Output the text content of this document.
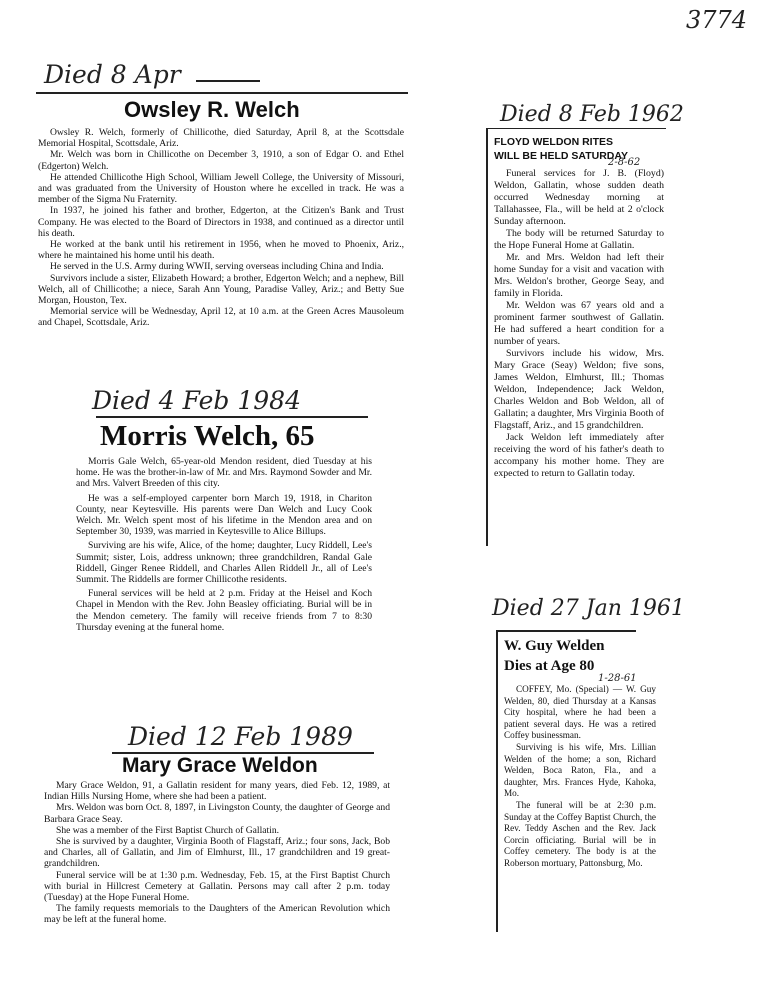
3774
Died 8 Apr
Owsley R. Welch

Owsley R. Welch, formerly of Chillicothe, died Saturday, April 8, at the Scottsdale Memorial Hospital, Scottsdale, Ariz.

Mr. Welch was born in Chillicothe on December 3, 1910, a son of Edgar O. and Ethel (Edgerton) Welch.

He attended Chillicothe High School, William Jewell College, the University of Missouri, and was graduated from the University of Houston where he excelled in track. He was a member of the Sigma Nu Fraternity.

In 1937, he joined his father and brother, Edgerton, at the Citizen's Bank and Trust Company. He was elected to the Board of Directors in 1938, and continued as a director until his death.

He worked at the bank until his retirement in 1956, when he moved to Phoenix, Ariz., where he maintained his home until his death.

He served in the U.S. Army during WWII, serving overseas including China and India.

Survivors include a sister, Elizabeth Howard; a brother, Edgerton Welch; and a nephew, Bill Welch, all of Chillicothe; a niece, Sarah Ann Young, Paradise Valley, Ariz.; and Betty Sue Morgan, Houston, Tex.

Memorial service will be Wednesday, April 12, at 10 a.m. at the Green Acres Mausoleum and Chapel, Scottsdale, Ariz.

Died 4 Feb 1984
Morris Welch, 65

Morris Gale Welch, 65-year-old Mendon resident, died Tuesday at his home. He was the brother-in-law of Mr. and Mrs. Raymond Sowder and Mr. and Mrs. Valvert Breeden of this city.

He was a self-employed carpenter born March 19, 1918, in Chariton County, near Keytesville. His parents were Dan Welch and Lucy Cook Welch. Mr. Welch spent most of his lifetime in the Mendon area and on September 30, 1939, was married in Keytesville to Alice Billups.

Surviving are his wife, Alice, of the home; daughter, Lucy Riddell, Lee's Summit; sister, Lois, address unknown; three grandchildren, Randal Gale Riddell, Ginger Renee Riddell, and Charles Allen Riddell Jr., all of Lee's Summit. The Riddells are former Chillicothe residents.

Funeral services will be held at 2 p.m. Friday at the Heisel and Koch Chapel in Mendon with the Rev. John Beasley officiating. Burial will be in the Mendon cemetery. The family will receive friends from 7 to 8:30 Thursday evening at the funeral home.

Died 12 Feb 1989
Mary Grace Weldon

Mary Grace Weldon, 91, a Gallatin resident for many years, died Feb. 12, 1989, at Indian Hills Nursing Home, where she had been a patient.

Mrs. Weldon was born Oct. 8, 1897, in Livingston County, the daughter of George and Barbara Grace Seay.

She was a member of the First Baptist Church of Gallatin.

She is survived by a daughter, Virginia Booth of Flagstaff, Ariz.; four sons, Jack, Bob and Charles, all of Gallatin, and Jim of Elmhurst, Ill., 17 grandchildren and 19 great-grandchildren.

Funeral service will be at 1:30 p.m. Wednesday, Feb. 15, at the First Baptist Church with burial in Hillcrest Cemetery at Gallatin. Persons may call after 2 p.m. today (Tuesday) at the Hope Funeral Home.

The family requests memorials to the Daughters of the American Revolution which may be left at the funeral home.

Died 8 Feb 1962
FLOYD WELDON RITES
WILL BE HELD SATURDAY
2-8-62

Funeral services for J. B. (Floyd) Weldon, Gallatin, whose sudden death occurred Wednesday morning at Tallahassee, Fla., will be held at 2 o'clock Sunday afternoon.

The body will be returned Saturday to the Hope Funeral Home at Gallatin.

Mr. and Mrs. Weldon had left their home Sunday for a visit and vacation with Mrs. Weldon's brother, George Seay, and family in Florida.

Mr. Weldon was 67 years old and a prominent farmer southwest of Gallatin. He had suffered a heart condition for a number of years.

Survivors include his widow, Mrs. Mary Grace (Seay) Weldon; five sons, James Weldon, Elmhurst, Ill.; Thomas Weldon, Independence; Jack Weldon, Charles Weldon and Bob Weldon, all of Gallatin; a daughter, Mrs Virginia Booth of Flagstaff, Ariz., and 15 grandchildren.

Jack Weldon left immediately after receiving the word of his father's death to accompany his mother home. They are expected to return to Gallatin today.

Died 27 Jan 1961
W. Guy Welden
Dies at Age 80
1-28-61

COFFEY, Mo. (Special) — W. Guy Welden, 80, died Thursday at a Kansas City hospital, where he had been a patient several days. He was a retired Coffey businessman.

Surviving is his wife, Mrs. Lillian Welden of the home; a son, Richard Welden, Boca Raton, Fla., and a daughter, Mrs. Frances Hyde, Kahoka, Mo.

The funeral will be at 2:30 p.m. Sunday at the Coffey Baptist Church, the Rev. Teddy Aschen and the Rev. Jack Corcin officiating. Burial will be in Coffey cemetery. The body is at the Roberson mortuary, Pattonsburg, Mo.
